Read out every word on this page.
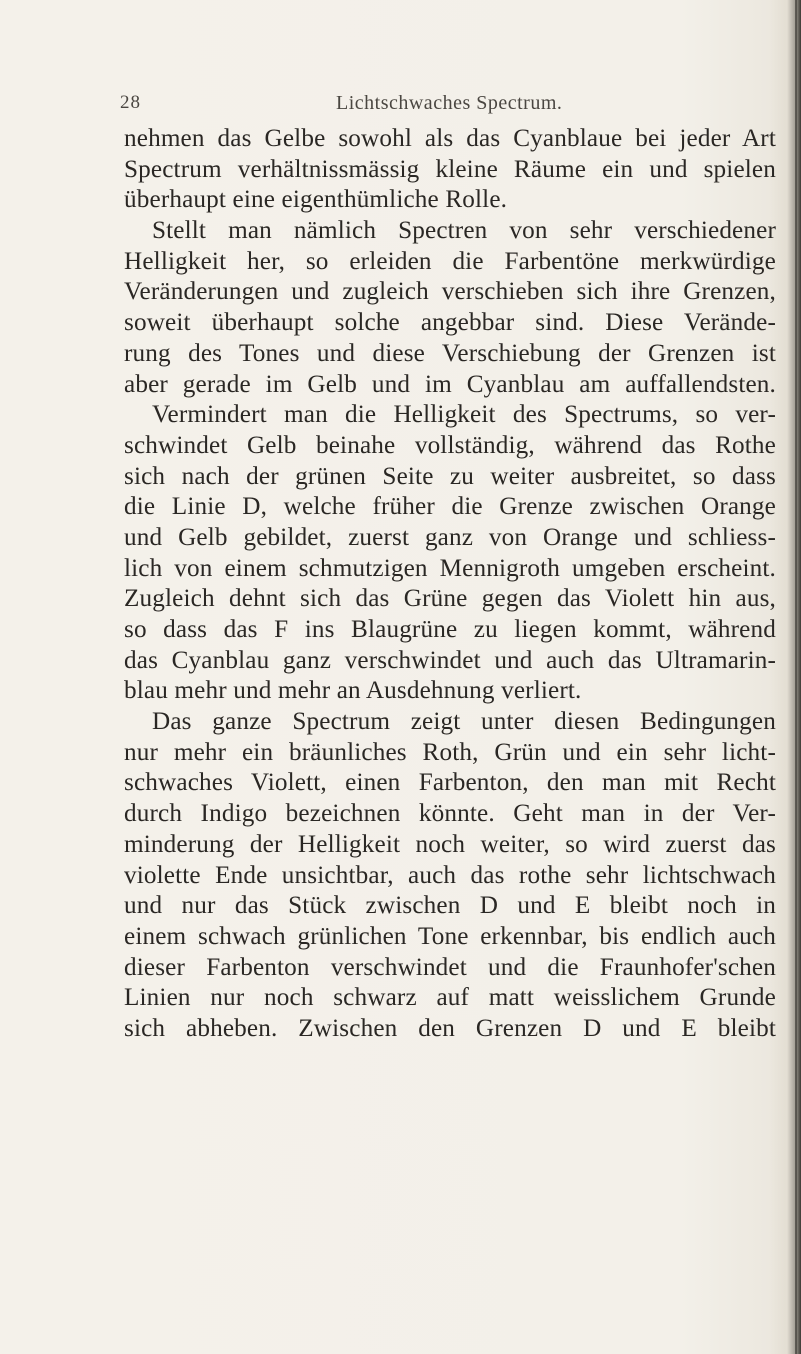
28	Lichtschwaches Spectrum.
nehmen das Gelbe sowohl als das Cyanblaue bei jeder Art
Spectrum verhältnissmässig kleine Räume ein und spielen
überhaupt eine eigenthümliche Rolle.
Stellt man nämlich Spectren von sehr verschiedener
Helligkeit her, so erleiden die Farbentöne merkwürdige
Veränderungen und zugleich verschieben sich ihre Grenzen,
soweit überhaupt solche angebbar sind. Diese Verände-
rung des Tones und diese Verschiebung der Grenzen ist
aber gerade im Gelb und im Cyanblau am auffallendsten.
Vermindert man die Helligkeit des Spectrums, so ver-
schwindet Gelb beinahe vollständig, während das Rothe
sich nach der grünen Seite zu weiter ausbreitet, so dass
die Linie D, welche früher die Grenze zwischen Orange
und Gelb gebildet, zuerst ganz von Orange und schliess-
lich von einem schmutzigen Mennigroth umgeben erscheint.
Zugleich dehnt sich das Grüne gegen das Violett hin aus,
so dass das F ins Blaugrüne zu liegen kommt, während
das Cyanblau ganz verschwindet und auch das Ultramarin-
blau mehr und mehr an Ausdehnung verliert.
Das ganze Spectrum zeigt unter diesen Bedingungen
nur mehr ein bräunliches Roth, Grün und ein sehr licht-
schwaches Violett, einen Farbenton, den man mit Recht
durch Indigo bezeichnen könnte. Geht man in der Ver-
minderung der Helligkeit noch weiter, so wird zuerst das
violette Ende unsichtbar, auch das rothe sehr lichtschwach
und nur das Stück zwischen D und E bleibt noch in
einem schwach grünlichen Tone erkennbar, bis endlich auch
dieser Farbenton verschwindet und die Fraunhofer'schen
Linien nur noch schwarz auf matt weisslichem Grunde
sich abheben. Zwischen den Grenzen D und E bleibt
